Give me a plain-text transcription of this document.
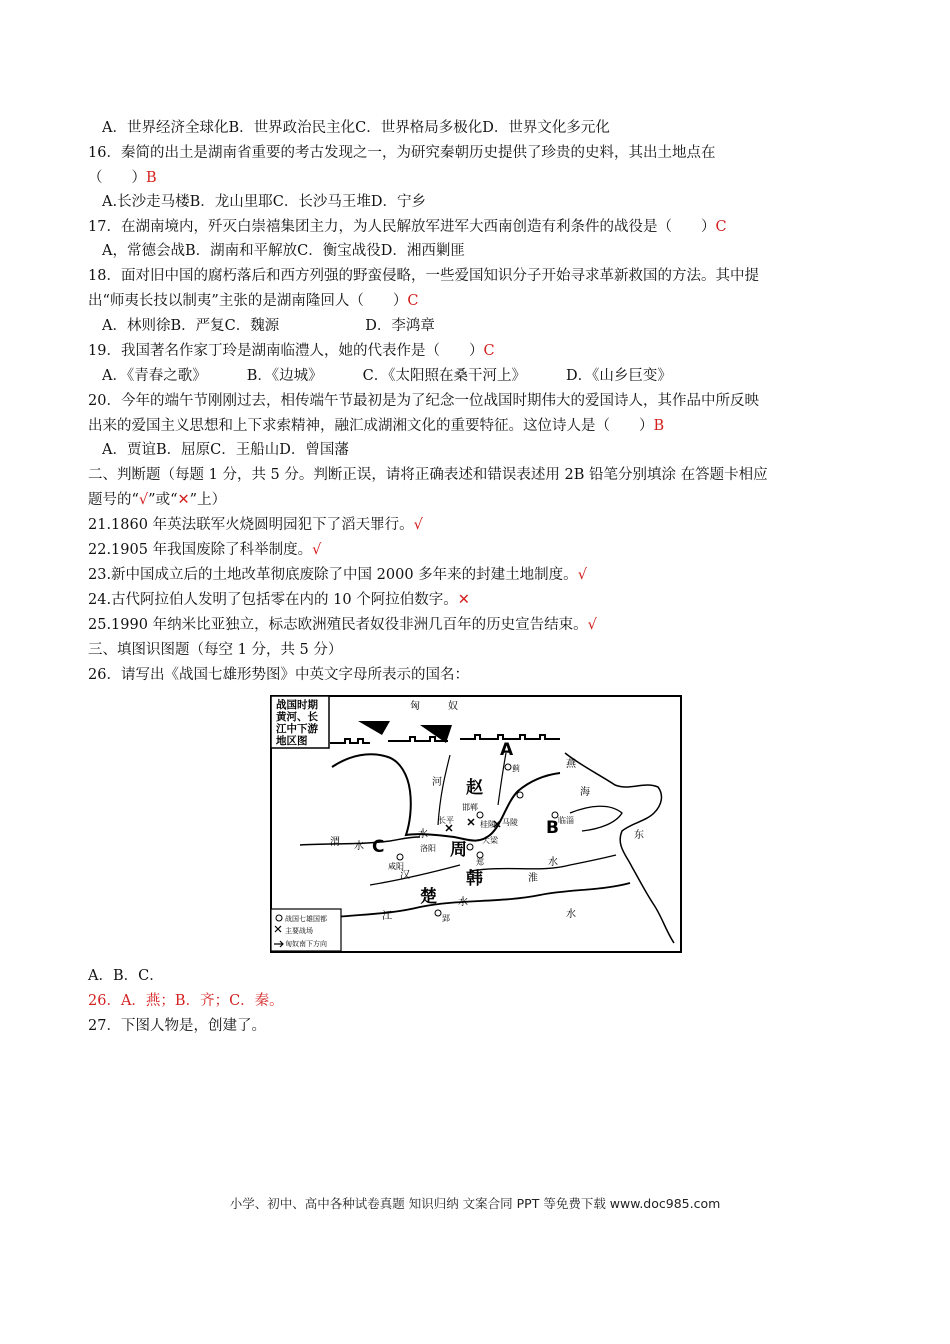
A．世界经济全球化B．世界政治民主化C．世界格局多极化D．世界文化多元化
16．秦简的出土是湖南省重要的考古发现之一，为研究秦朝历史提供了珍贵的史料，其出土地点在
（　　）B
A.长沙走马楼B．龙山里耶C．长沙马王堆D．宁乡
17．在湖南境内，歼灭白崇禧集团主力，为人民解放军进军大西南创造有利条件的战役是（　　）C
A，常德会战B．湖南和平解放C．衡宝战役D．湘西剿匪
18．面对旧中国的腐朽落后和西方列强的野蛮侵略，一些爱国知识分子开始寻求革新救国的方法。其中提
出“师夷长技以制夷”主张的是湖南隆回人（　　）C
A．林则徐B．严复C．魏源	D．李鸿章
19．我国著名作家丁玲是湖南临澧人，她的代表作是（　　）C
A．《青春之歌》	B．《边城》	C．《太阳照在桑干河上》	D．《山乡巨变》
20．今年的端午节刚刚过去，相传端午节最初是为了纪念一位战国时期伟大的爱国诗人，其作品中所反映
出来的爱国主义思想和上下求索精神，融汇成湖湘文化的重要特征。这位诗人是（　　）B
A．贾谊B．屈原C．王船山D．曾国藩
二、判断题（每题 1 分，共 5 分。判断正误，请将正确表述和错误表述用 2B 铅笔分别填涂 在答题卡相应
题号的“√”或“✕”上）
21.1860 年英法联军火烧圆明园犯下了滔天罪行。√
22.1905 年我国废除了科举制度。√
23.新中国成立后的土地改革彻底废除了中国 2000 多年来的封建土地制度。√
24.古代阿拉伯人发明了包括零在内的 10 个阿拉伯数字。✕
25.1990 年纳米比亚独立，标志欧洲殖民者奴役非洲几百年的历史宣告结束。√
三、填图识图题（每空 1 分，共 5 分）
26．请写出《战国七雄形势图》中英文字母所表示的国名：
战国时期
黄河、长
江中下游
地区图
匈	奴
A
B
C
赵
周
韩
楚
燕
海
东
河
水
水
水
水
水
渭
汉	淮
江
蓟
邯郸
桂陵 马陵	临淄
长平
洛阳
咸阳
大梁
郑
郢
战国七雄国都
主要战场
匈奴南下方向
A．B．C．
26．A．燕；B．齐；C．秦。
27．下图人物是，创建了。
小学、初中、高中各种试卷真题 知识归纳 文案合同 PPT 等免费下载 www.doc985.com
